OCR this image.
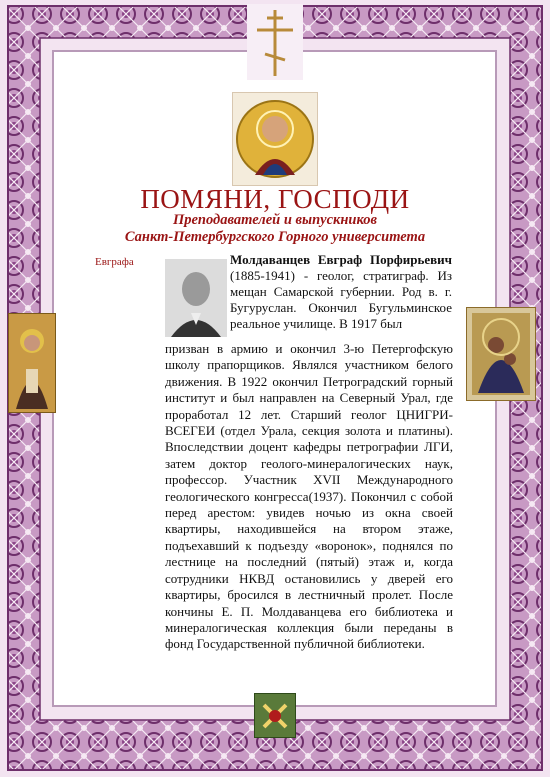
ПОМЯНИ, ГОСПОДИ
Преподавателей и выпускников
Санкт-Петербургского Горного университета
Евграфа	Молдаванцев Евграф Порфирьевич (1885-1941) - геолог, стратиграф. Из мещан Самарской губернии. Род в. г. Бугуруслан. Окончил Бугульминское реальное училище. В 1917 был
призван в армию и окончил 3-ю Петергофскую школу прапорщиков. Являлся участником белого движения. В 1922 окончил Петроградский горный институт и был направлен на Северный Урал, где проработал 12 лет. Старший геолог ЦНИГРИ-ВСЕГЕИ (отдел Урала, секция золота и платины). Впоследствии доцент кафедры петрографии ЛГИ, затем доктор геолого-минералогических наук, профессор. Участник XVII Международного геологического конгресса(1937). Покончил с собой перед арестом: увидев ночью из окна своей квартиры, находившейся на втором этаже, подъехавший к подъезду «воронок», поднялся по лестнице на последний (пятый) этаж и, когда сотрудники НКВД остановились у дверей его квартиры, бросился в лестничный пролет. После кончины Е. П. Молдаванцева его библиотека и минералогическая коллекция были переданы в фонд Государственной публичной библиотеки.
